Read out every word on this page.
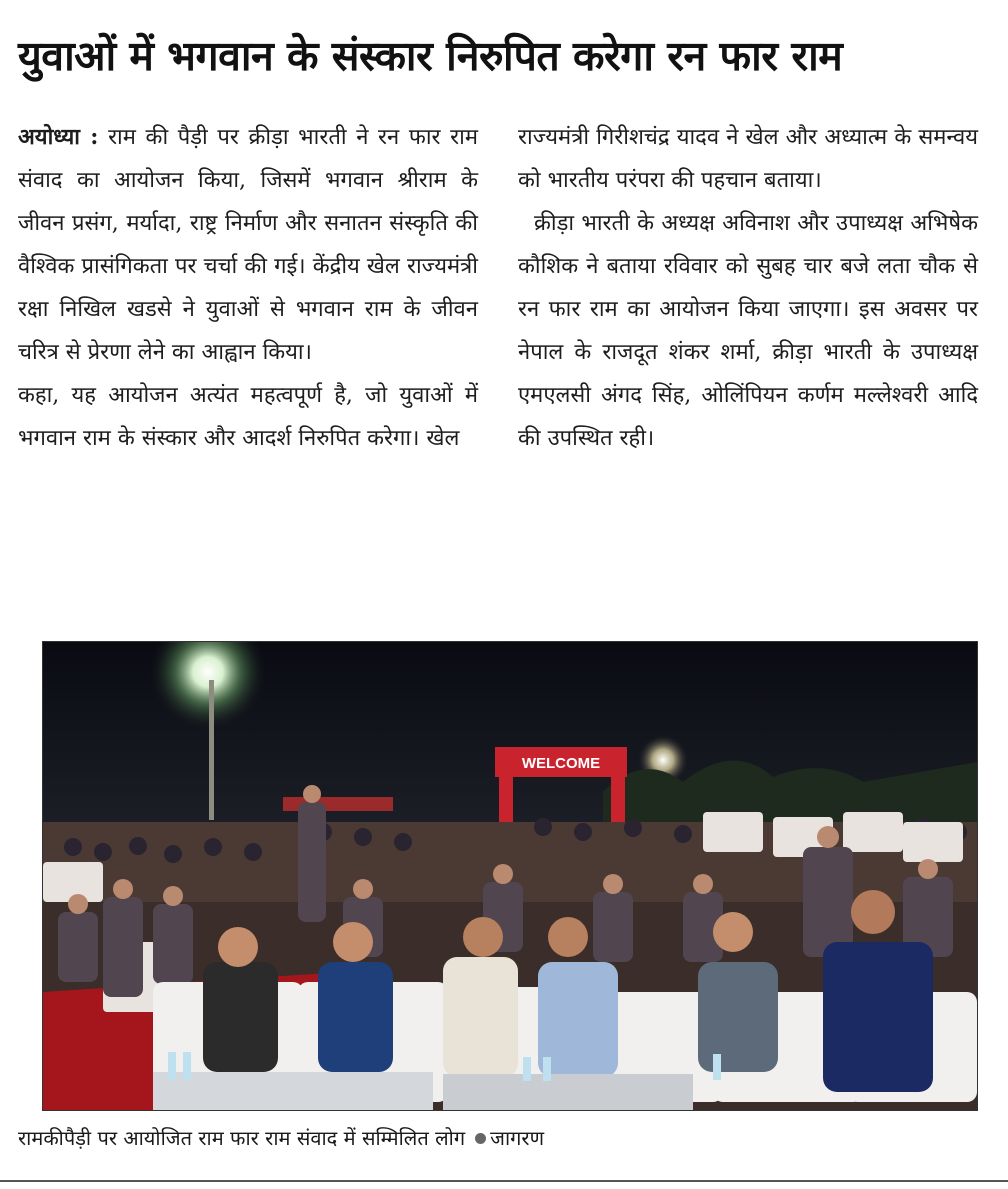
युवाओं में भगवान के संस्कार निरुपित करेगा रन फार राम

अयोध्या : राम की पैड़ी पर क्रीड़ा भारती ने रन फार राम संवाद का आयोजन किया, जिसमें भगवान श्रीराम के जीवन प्रसंग, मर्यादा, राष्ट्र निर्माण और सनातन संस्कृति की वैश्विक प्रासंगिकता पर चर्चा की गई। केंद्रीय खेल राज्यमंत्री रक्षा निखिल खडसे ने युवाओं से भगवान राम के जीवन चरित्र से प्रेरणा लेने का आह्वान किया।

कहा, यह आयोजन अत्यंत महत्वपूर्ण है, जो युवाओं में भगवान राम के संस्कार और आदर्श निरुपित करेगा। खेल

राज्यमंत्री गिरीशचंद्र यादव ने खेल और अध्यात्म के समन्वय को भारतीय परंपरा की पहचान बताया।

क्रीड़ा भारती के अध्यक्ष अविनाश और उपाध्यक्ष अभिषेक कौशिक ने बताया रविवार को सुबह चार बजे लता चौक से रन फार राम का आयोजन किया जाएगा। इस अवसर पर नेपाल के राजदूत शंकर शर्मा, क्रीड़ा भारती के उपाध्यक्ष एमएलसी अंगद सिंह, ओलिंपियन कर्णम मल्लेश्वरी आदि की उपस्थित रही।

WELCOME
रामकीपैड़ी पर आयोजित राम फार राम संवाद में सम्मिलित लोग जागरण
